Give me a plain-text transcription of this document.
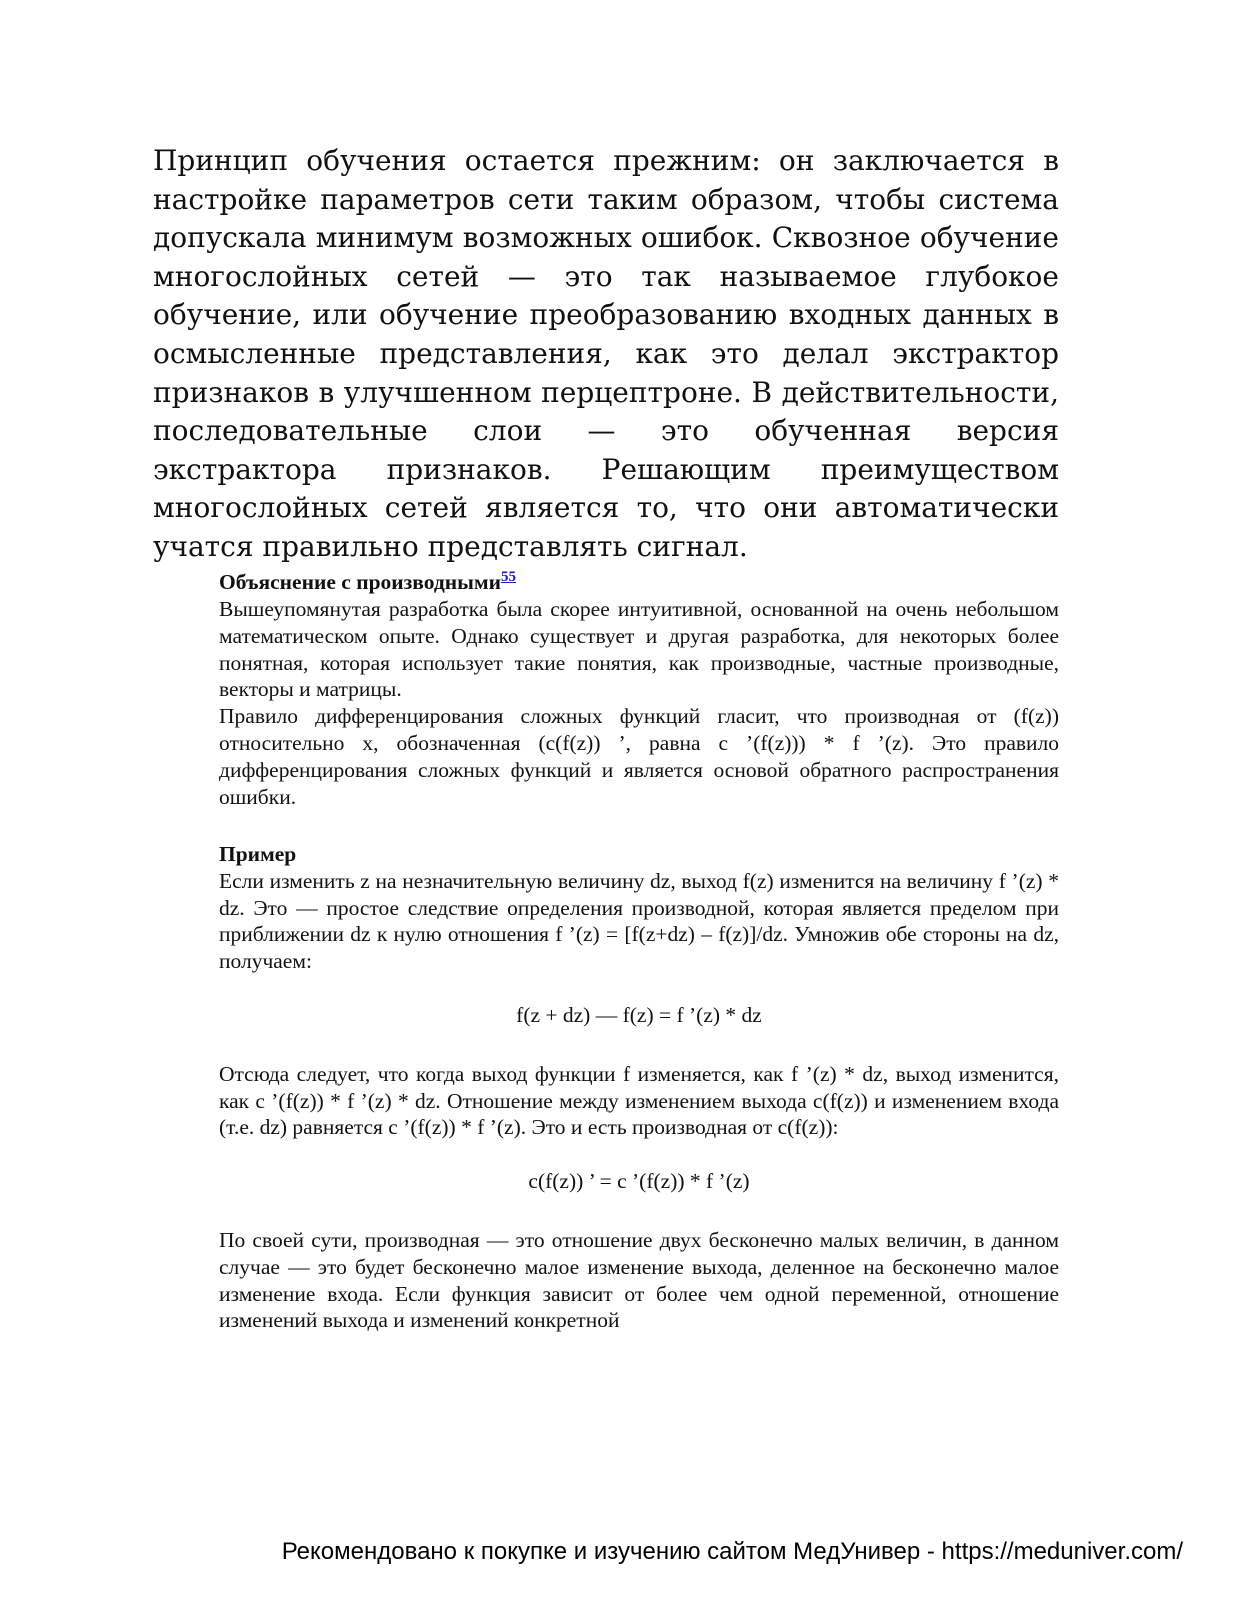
Принцип обучения остается прежним: он заключается в настройке параметров сети таким образом, чтобы система допускала минимум возможных ошибок. Сквозное обучение многослойных сетей — это так называемое глубокое обучение, или обучение преобразованию входных данных в осмысленные представления, как это делал экстрактор признаков в улучшенном перцептроне. В действительности, последовательные слои — это обученная версия экстрактора признаков. Решающим преимуществом многослойных сетей является то, что они автоматически учатся правильно представлять сигнал.

Объяснение с производными$^{55}$

Вышеупомянутая разработка была скорее интуитивной, основанной на очень небольшом математическом опыте. Однако существует и другая разработка, для некоторых более понятная, которая использует такие понятия, как производные, частные производные, векторы и матрицы.

Правило дифференцирования сложных функций гласит, что производная от (f(z)) относительно x, обозначенная (c(f(z)) ’, равна c ’(f(z))) * f ’(z). Это правило дифференцирования сложных функций и является основой обратного распространения ошибки.

Пример

Если изменить z на незначительную величину dz, выход f(z) изменится на величину f ’(z) * dz. Это — простое следствие определения производной, которая является пределом при приближении dz к нулю отношения f ’(z) = [f(z+dz) – f(z)]/dz. Умножив обе стороны на dz, получаем:

f(z + dz) — f(z) = f ’(z) * dz

Отсюда следует, что когда выход функции f изменяется, как f ’(z) * dz, выход изменится, как c ’(f(z)) * f ’(z) * dz. Отношение между изменением выхода c(f(z)) и изменением входа (т.е. dz) равняется c ’(f(z)) * f ’(z). Это и есть производная от c(f(z)):

c(f(z)) ’ = c ’(f(z)) * f ’(z)

По своей сути, производная — это отношение двух бесконечно малых величин, в данном случае — это будет бесконечно малое изменение выхода, деленное на бесконечно малое изменение входа. Если функция зависит от более чем одной переменной, отношение изменений выхода и изменений конкретной

Рекомендовано к покупке и изучению сайтом МедУнивер - https://meduniver.com/
